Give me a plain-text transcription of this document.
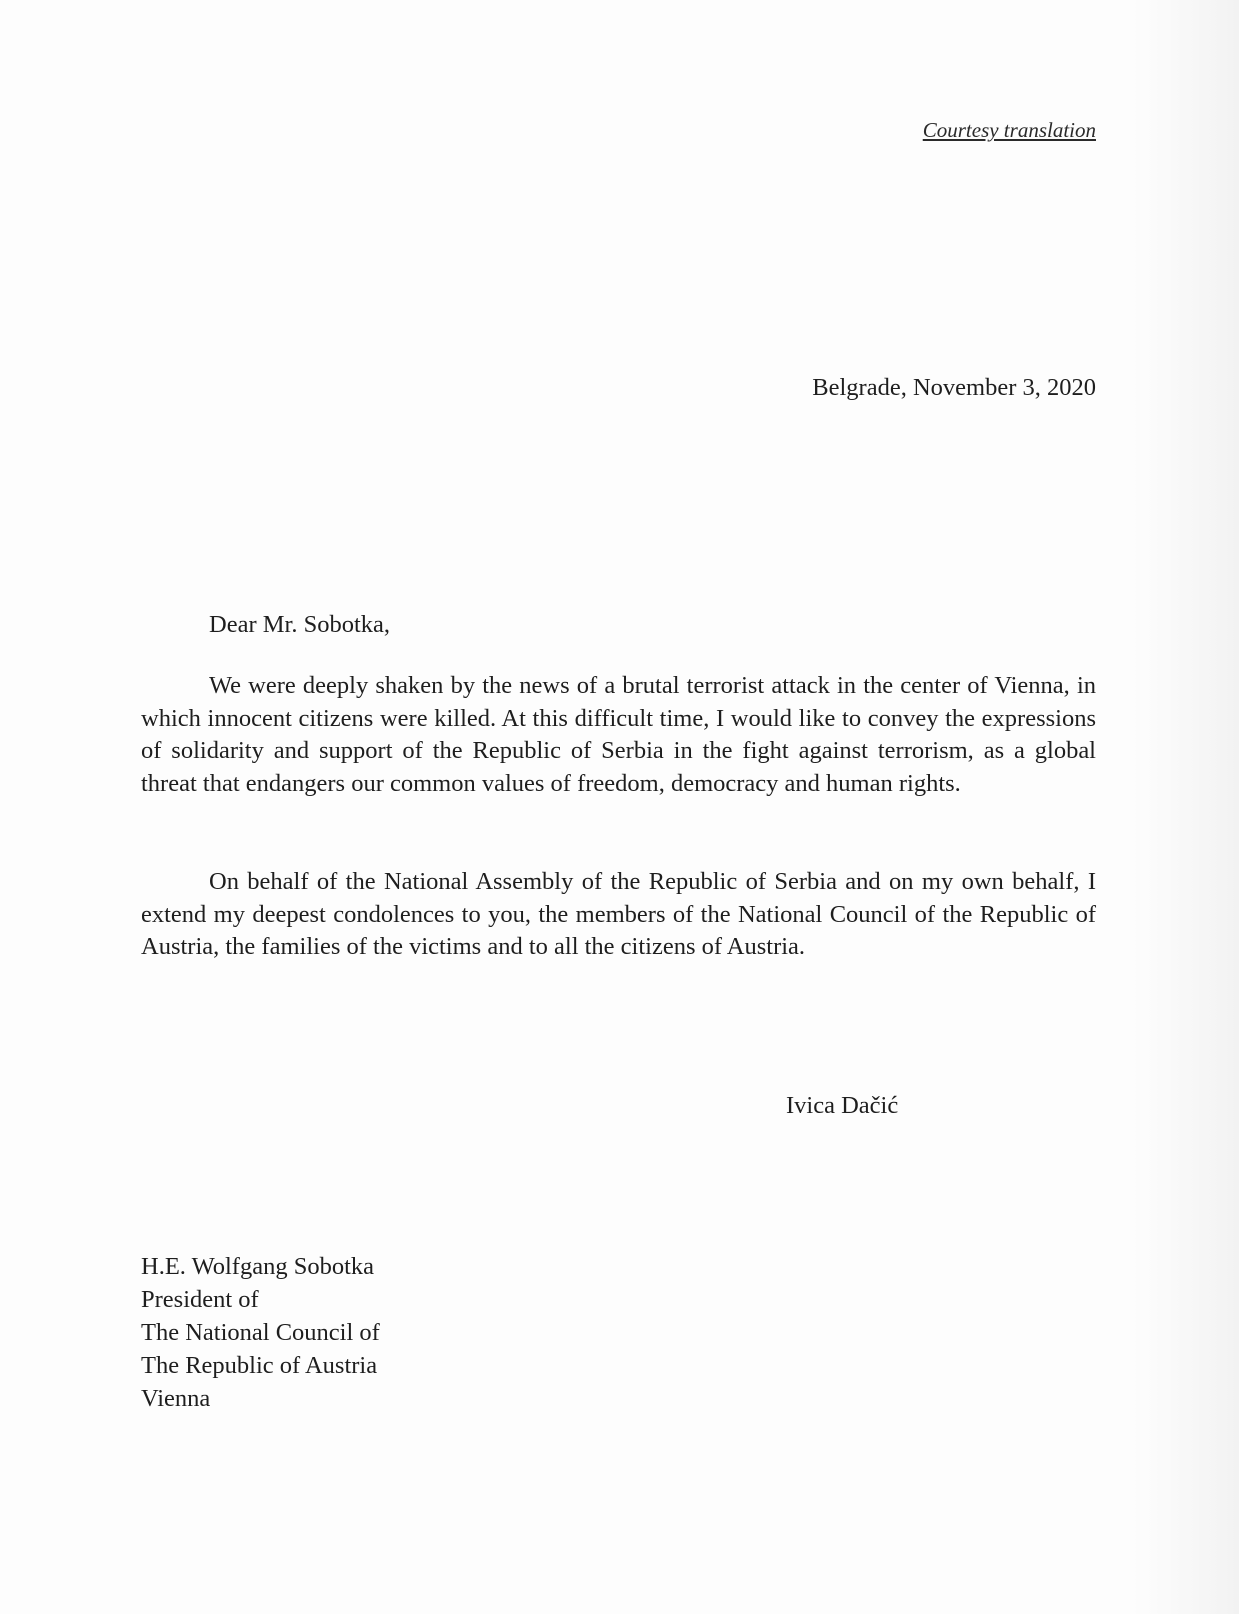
Courtesy translation

Belgrade, November 3, 2020

Dear Mr. Sobotka,

We were deeply shaken by the news of a brutal terrorist attack in the center of Vienna, in which innocent citizens were killed. At this difficult time, I would like to convey the expressions of solidarity and support of the Republic of Serbia in the fight against terrorism, as a global threat that endangers our common values of freedom, democracy and human rights.

On behalf of the National Assembly of the Republic of Serbia and on my own behalf, I extend my deepest condolences to you, the members of the National Council of the Republic of Austria, the families of the victims and to all the citizens of Austria.

Ivica Dačić

H.E. Wolfgang Sobotka
President of
The National Council of
The Republic of Austria
Vienna
